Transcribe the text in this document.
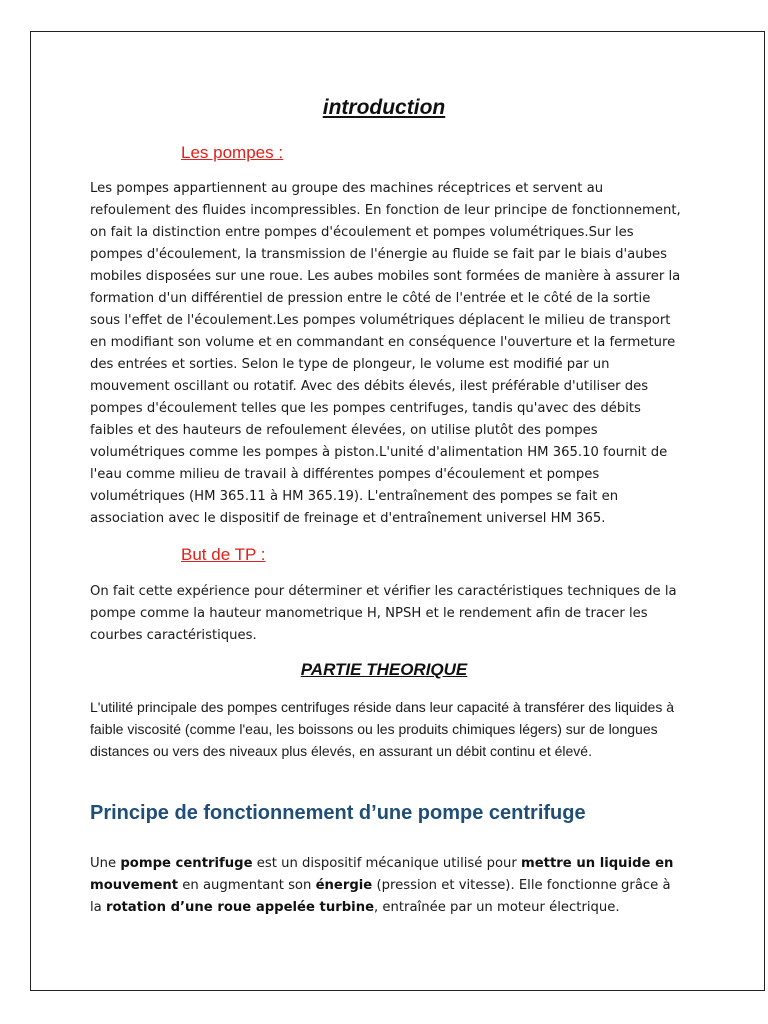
introduction
Les pompes :
Les pompes appartiennent au groupe des machines réceptrices et servent au refoulement des fluides incompressibles. En fonction de leur principe de fonctionnement, on fait la distinction entre pompes d'écoulement et pompes volumétriques.Sur les pompes d'écoulement, la transmission de l'énergie au fluide se fait par le biais d'aubes mobiles disposées sur une roue. Les aubes mobiles sont formées de manière à assurer la formation d'un différentiel de pression entre le côté de l'entrée et le côté de la sortie sous l'effet de l'écoulement.Les pompes volumétriques déplacent le milieu de transport en modifiant son volume et en commandant en conséquence l'ouverture et la fermeture des entrées et sorties. Selon le type de plongeur, le volume est modifié par un mouvement oscillant ou rotatif. Avec des débits élevés, ilest préférable d'utiliser des pompes d'écoulement telles que les pompes centrifuges, tandis qu'avec des débits faibles et des hauteurs de refoulement élevées, on utilise plutôt des pompes volumétriques comme les pompes à piston.L'unité d'alimentation HM 365.10 fournit de l'eau comme milieu de travail à différentes pompes d'écoulement et pompes volumétriques (HM 365.11 à HM 365.19). L'entraînement des pompes se fait en association avec le dispositif de freinage et d'entraînement universel HM 365.
But de TP :
On fait cette expérience pour déterminer et vérifier les caractéristiques techniques de la pompe comme la hauteur manometrique H, NPSH et le rendement afin de tracer les courbes caractéristiques.
PARTIE THEORIQUE
L'utilité principale des pompes centrifuges réside dans leur capacité à transférer des liquides à faible viscosité (comme l'eau, les boissons ou les produits chimiques légers) sur de longues distances ou vers des niveaux plus élevés, en assurant un débit continu et élevé.
Principe de fonctionnement d’une pompe centrifuge
Une pompe centrifuge est un dispositif mécanique utilisé pour mettre un liquide en mouvement en augmentant son énergie (pression et vitesse). Elle fonctionne grâce à la rotation d’une roue appelée turbine, entraînée par un moteur électrique.
